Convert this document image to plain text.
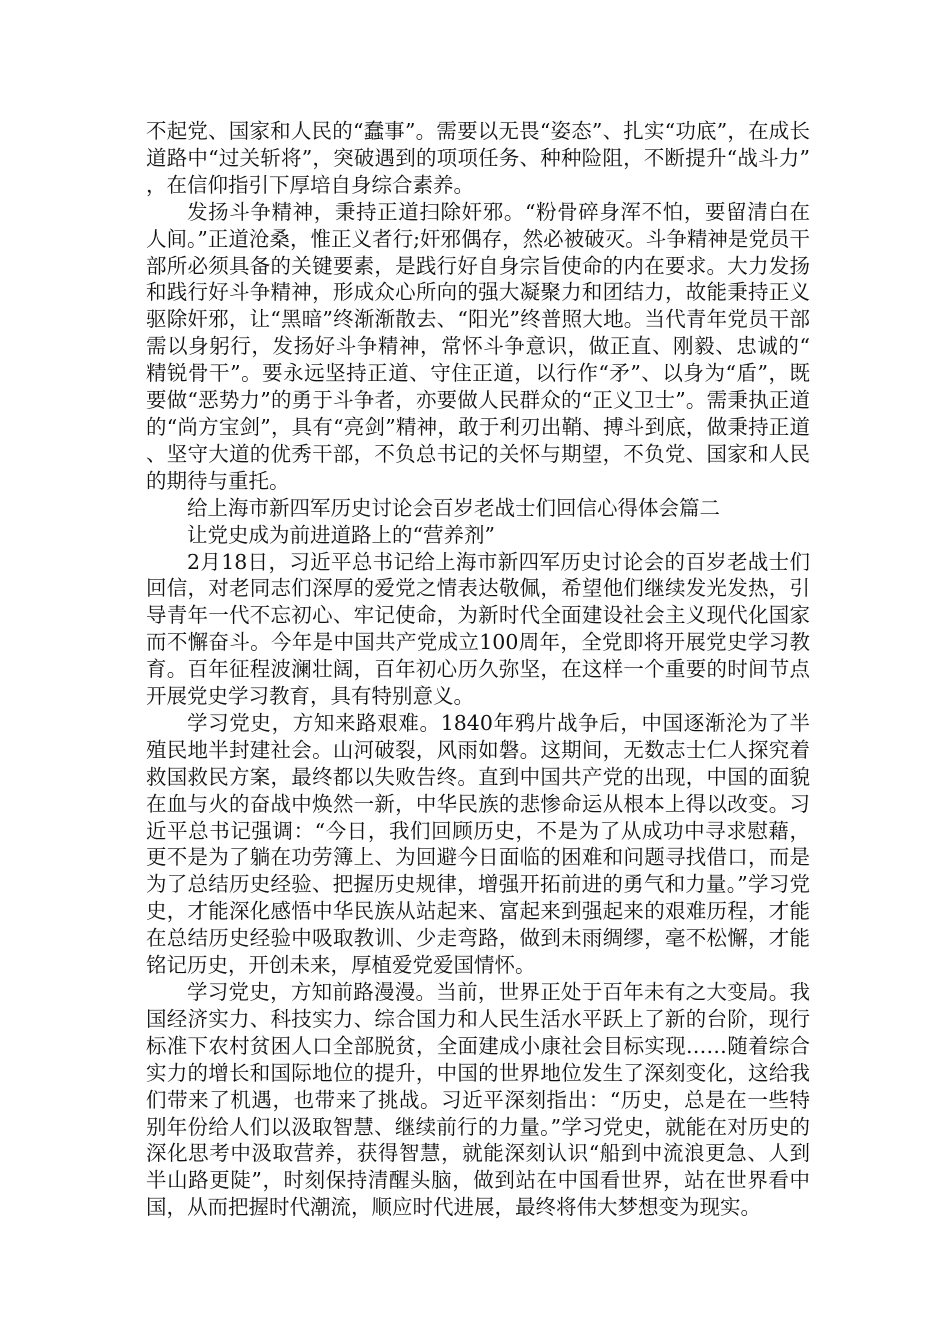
不起党、国家和人民的“蠢事”。需要以无畏“姿态”、扎实“功底”，在成长道路中“过关斩将”，突破遇到的项项任务、种种险阻，不断提升“战斗力”，在信仰指引下厚培自身综合素养。

发扬斗争精神，秉持正道扫除奸邪。“粉骨碎身浑不怕，要留清白在人间。”正道沧桑，惟正义者行;奸邪偶存，然必被破灭。斗争精神是党员干部所必须具备的关键要素，是践行好自身宗旨使命的内在要求。大力发扬和践行好斗争精神，形成众心所向的强大凝聚力和团结力，故能秉持正义驱除奸邪，让“黑暗”终渐渐散去、“阳光”终普照大地。当代青年党员干部需以身躬行，发扬好斗争精神，常怀斗争意识，做正直、刚毅、忠诚的“精锐骨干”。要永远坚持正道、守住正道，以行作“矛”、以身为“盾”，既要做“恶势力”的勇于斗争者，亦要做人民群众的“正义卫士”。需秉执正道的“尚方宝剑”，具有“亮剑”精神，敢于利刃出鞘、搏斗到底，做秉持正道、坚守大道的优秀干部，不负总书记的关怀与期望，不负党、国家和人民的期待与重托。

给上海市新四军历史讨论会百岁老战士们回信心得体会篇二

让党史成为前进道路上的“营养剂”

2月18日，习近平总书记给上海市新四军历史讨论会的百岁老战士们回信，对老同志们深厚的爱党之情表达敬佩，希望他们继续发光发热，引导青年一代不忘初心、牢记使命，为新时代全面建设社会主义现代化国家而不懈奋斗。今年是中国共产党成立100周年，全党即将开展党史学习教育。百年征程波澜壮阔，百年初心历久弥坚，在这样一个重要的时间节点开展党史学习教育，具有特别意义。

学习党史，方知来路艰难。1840年鸦片战争后，中国逐渐沦为了半殖民地半封建社会。山河破裂，风雨如磐。这期间，无数志士仁人探究着救国救民方案，最终都以失败告终。直到中国共产党的出现，中国的面貌在血与火的奋战中焕然一新，中华民族的悲惨命运从根本上得以改变。习近平总书记强调：“今日，我们回顾历史，不是为了从成功中寻求慰藉，更不是为了躺在功劳簿上、为回避今日面临的困难和问题寻找借口，而是为了总结历史经验、把握历史规律，增强开拓前进的勇气和力量。”学习党史，才能深化感悟中华民族从站起来、富起来到强起来的艰难历程，才能在总结历史经验中吸取教训、少走弯路，做到未雨绸缪，毫不松懈，才能铭记历史，开创未来，厚植爱党爱国情怀。

学习党史，方知前路漫漫。当前，世界正处于百年未有之大变局。我国经济实力、科技实力、综合国力和人民生活水平跃上了新的台阶，现行标准下农村贫困人口全部脱贫，全面建成小康社会目标实现……随着综合实力的增长和国际地位的提升，中国的世界地位发生了深刻变化，这给我们带来了机遇，也带来了挑战。习近平深刻指出：“历史，总是在一些特别年份给人们以汲取智慧、继续前行的力量。”学习党史，就能在对历史的深化思考中汲取营养，获得智慧，就能深刻认识“船到中流浪更急、人到半山路更陡”，时刻保持清醒头脑，做到站在中国看世界，站在世界看中国，从而把握时代潮流，顺应时代进展，最终将伟大梦想变为现实。
